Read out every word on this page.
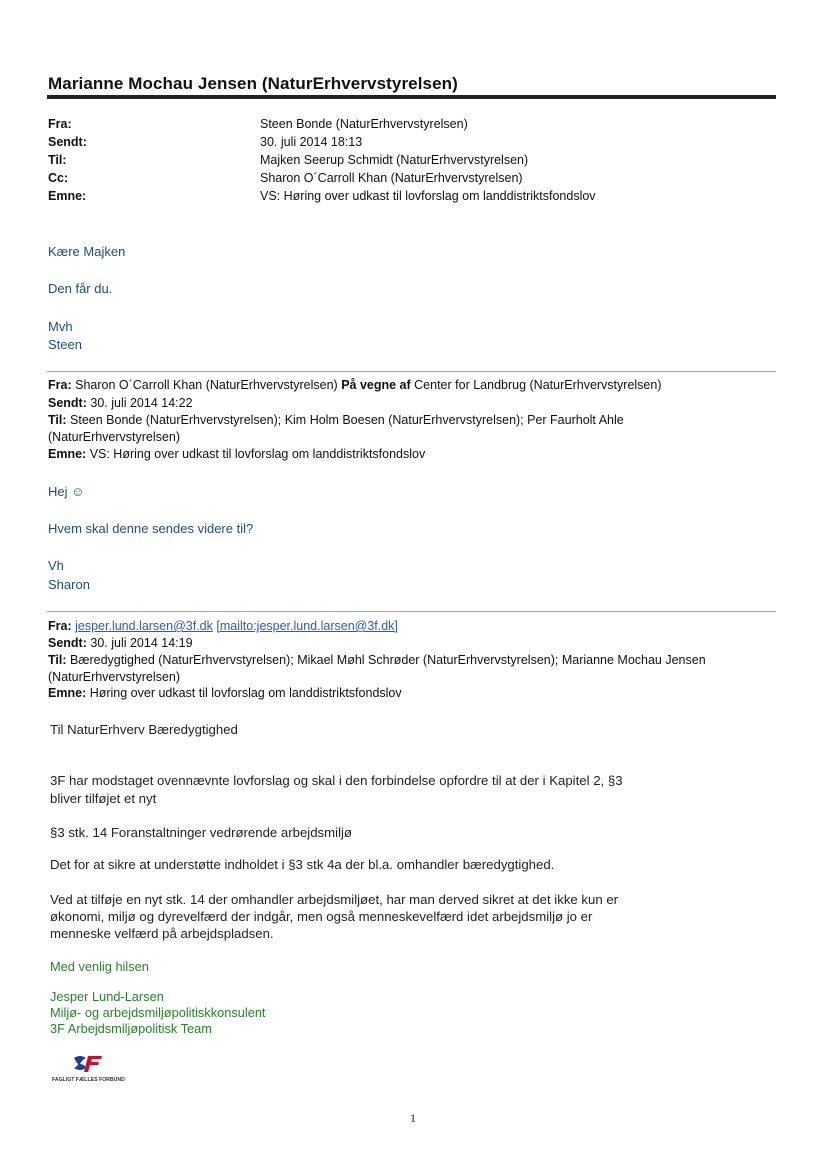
Marianne Mochau Jensen (NaturErhvervstyrelsen)
Fra:	Steen Bonde (NaturErhvervstyrelsen)
Sendt:	30. juli 2014 18:13
Til:	Majken Seerup Schmidt (NaturErhvervstyrelsen)
Cc:	Sharon O´Carroll Khan (NaturErhvervstyrelsen)
Emne:	VS: Høring over udkast til lovforslag om landdistriktsfondslov
Kære Majken
Den får du.
Mvh
Steen
Fra: Sharon O´Carroll Khan (NaturErhvervstyrelsen) På vegne af Center for Landbrug (NaturErhvervstyrelsen)
Sendt: 30. juli 2014 14:22
Til: Steen Bonde (NaturErhvervstyrelsen); Kim Holm Boesen (NaturErhvervstyrelsen); Per Faurholt Ahle
(NaturErhvervstyrelsen)
Emne: VS: Høring over udkast til lovforslag om landdistriktsfondslov
Hej ☺
Hvem skal denne sendes videre til?
Vh
Sharon
Fra: jesper.lund.larsen@3f.dk [mailto:jesper.lund.larsen@3f.dk]
Sendt: 30. juli 2014 14:19
Til: Bæredygtighed (NaturErhvervstyrelsen); Mikael Møhl Schrøder (NaturErhvervstyrelsen); Marianne Mochau Jensen
(NaturErhvervstyrelsen)
Emne: Høring over udkast til lovforslag om landdistriktsfondslov
Til NaturErhverv Bæredygtighed
3F har modstaget ovennævnte lovforslag og skal i den forbindelse opfordre til at der i Kapitel 2, §3
bliver tilføjet et nyt
§3 stk. 14 Foranstaltninger vedrørende arbejdsmiljø
Det for at sikre at understøtte indholdet i §3 stk 4a der bl.a. omhandler bæredygtighed.
Ved at tilføje en nyt stk. 14 der omhandler arbejdsmiljøet, har man derved sikret at det ikke kun er
økonomi, miljø og dyrevelfærd der indgår, men også menneskevelfærd idet arbejdsmiljø jo er
menneske velfærd på arbejdspladsen.
Med venlig hilsen
Jesper Lund-Larsen
Miljø- og arbejdsmiljøpolitiskkonsulent
3F Arbejdsmiljøpolitisk Team
FAGLIGT FÆLLES FORBUND
1
